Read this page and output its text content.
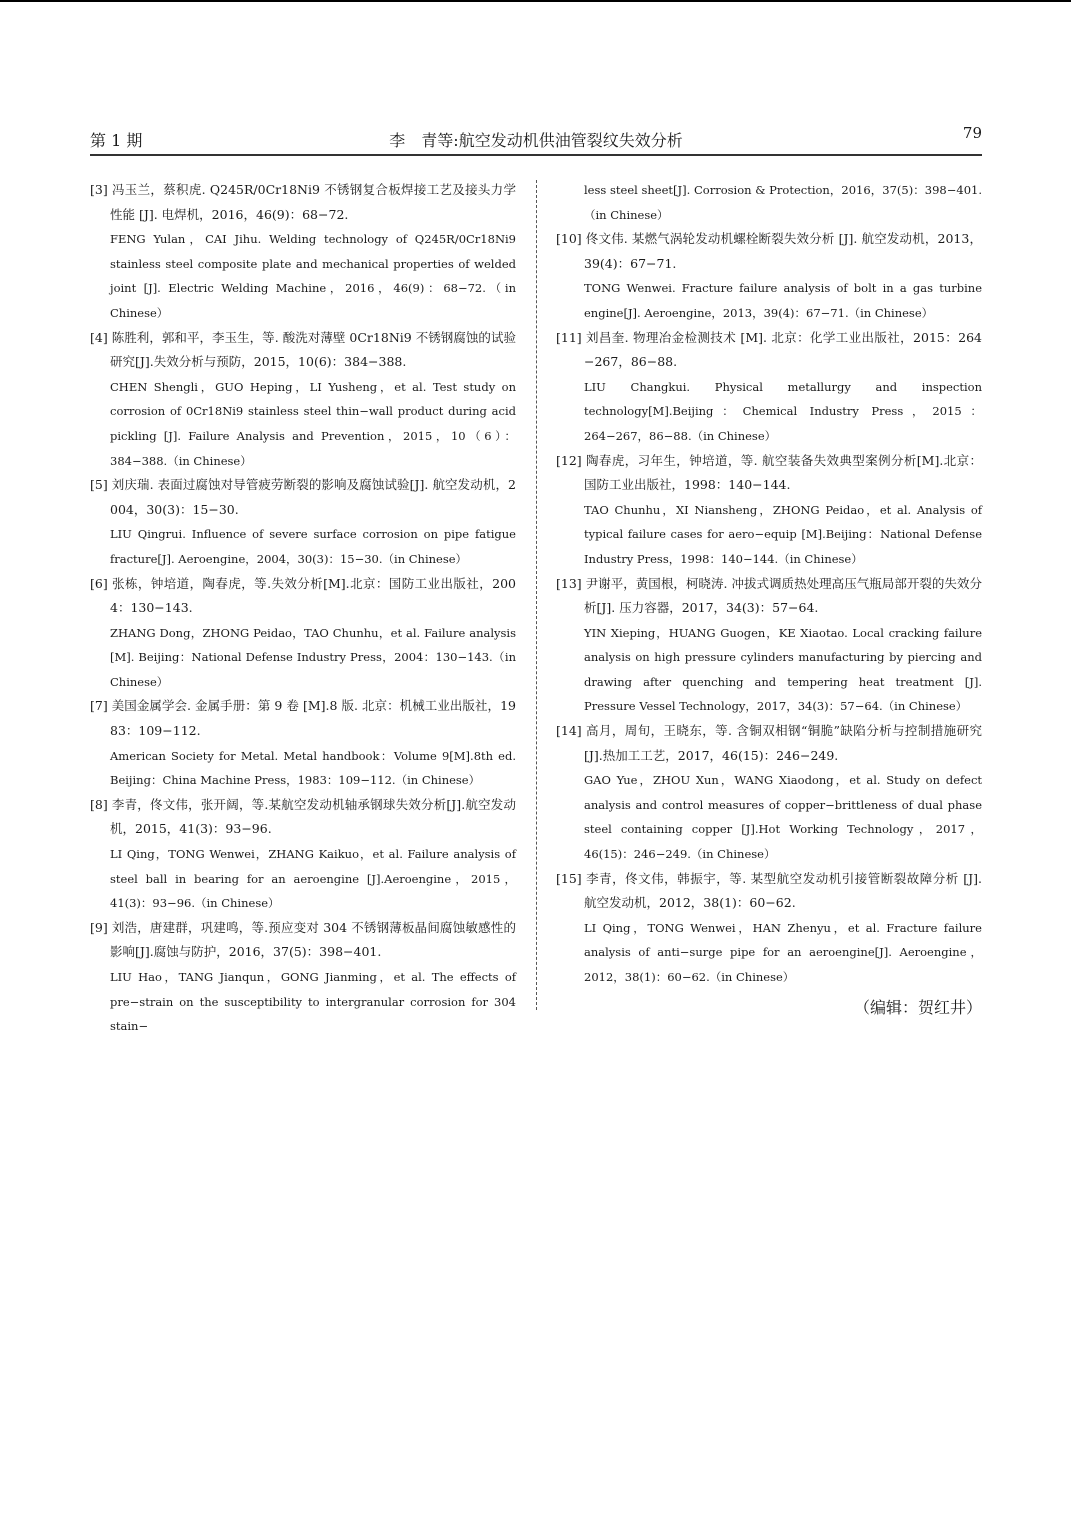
第 1 期	李　青等:航空发动机供油管裂纹失效分析	79
[3] 冯玉兰，蔡积虎. Q245R/0Cr18Ni9 不锈钢复合板焊接工艺及接头力学性能 [J]. 电焊机，2016，46(9)：68−72.
FENG Yulan，CAI Jihu. Welding technology of Q245R/0Cr18Ni9 stainless steel composite plate and mechanical properties of welded joint [J]. Electric Welding Machine，2016，46(9)：68−72.（in Chinese）
[4] 陈胜利，郭和平，李玉生，等. 酸洗对薄壁 0Cr18Ni9 不锈钢腐蚀的试验研究[J].失效分析与预防，2015，10(6)：384−388.
CHEN Shengli，GUO Heping，LI Yusheng，et al. Test study on corrosion of 0Cr18Ni9 stainless steel thin−wall product during acid pickling [J]. Failure Analysis and Prevention，2015，10（6）：384−388.（in Chinese）
[5] 刘庆瑞. 表面过腐蚀对导管疲劳断裂的影响及腐蚀试验[J]. 航空发动机，2004，30(3)：15−30.
LIU Qingrui. Influence of severe surface corrosion on pipe fatigue fracture[J]. Aeroengine，2004，30(3)：15−30.（in Chinese）
[6] 张栋，钟培道，陶春虎，等.失效分析[M].北京：国防工业出版社，2004：130−143.
ZHANG Dong，ZHONG Peidao，TAO Chunhu，et al. Failure analysis [M]. Beijing：National Defense Industry Press，2004：130−143.（in Chinese）
[7] 美国金属学会. 金属手册：第 9 卷 [M].8 版. 北京：机械工业出版社，1983：109−112.
American Society for Metal. Metal handbook：Volume 9[M].8th ed. Beijing：China Machine Press，1983：109−112.（in Chinese）
[8] 李青，佟文伟，张开阔，等.某航空发动机轴承钢球失效分析[J].航空发动机，2015，41(3)：93−96.
LI Qing，TONG Wenwei，ZHANG Kaikuo，et al. Failure analysis of steel ball in bearing for an aeroengine [J].Aeroengine，2015，41(3)：93−96.（in Chinese）
[9] 刘浩，唐建群，巩建鸣，等.预应变对 304 不锈钢薄板晶间腐蚀敏感性的影响[J].腐蚀与防护，2016，37(5)：398−401.
LIU Hao，TANG Jianqun，GONG Jianming，et al. The effects of pre−strain on the susceptibility to intergranular corrosion for 304 stain−
less steel sheet[J]. Corrosion & Protection，2016，37(5)：398−401.（in Chinese）
[10] 佟文伟. 某燃气涡轮发动机螺栓断裂失效分析 [J]. 航空发动机，2013，39(4)：67−71.
TONG Wenwei. Fracture failure analysis of bolt in a gas turbine engine[J]. Aeroengine，2013，39(4)：67−71.（in Chinese）
[11] 刘昌奎. 物理冶金检测技术 [M]. 北京：化学工业出版社，2015：264−267，86−88.
LIU Changkui. Physical metallurgy and inspection technology[M].Beijing：Chemical Industry Press，2015：264−267，86−88.（in Chinese）
[12] 陶春虎，习年生，钟培道，等. 航空装备失效典型案例分析[M].北京：国防工业出版社，1998：140−144.
TAO Chunhu，XI Niansheng，ZHONG Peidao，et al. Analysis of typical failure cases for aero−equip [M].Beijing：National Defense Industry Press，1998：140−144.（in Chinese）
[13] 尹谢平，黄国根，柯晓涛. 冲拔式调质热处理高压气瓶局部开裂的失效分析[J]. 压力容器，2017，34(3)：57−64.
YIN Xieping，HUANG Guogen，KE Xiaotao. Local cracking failure analysis on high pressure cylinders manufacturing by piercing and drawing after quenching and tempering heat treatment [J]. Pressure Vessel Technology，2017，34(3)：57−64.（in Chinese）
[14] 高月，周旬，王晓东，等. 含铜双相钢“铜脆”缺陷分析与控制措施研究[J].热加工工艺，2017，46(15)：246−249.
GAO Yue，ZHOU Xun，WANG Xiaodong，et al. Study on defect analysis and control measures of copper−brittleness of dual phase steel containing copper [J].Hot Working Technology，2017，46(15)：246−249.（in Chinese）
[15] 李青，佟文伟，韩振宇，等. 某型航空发动机引接管断裂故障分析 [J]. 航空发动机，2012，38(1)：60−62.
LI Qing，TONG Wenwei，HAN Zhenyu，et al. Fracture failure analysis of anti−surge pipe for an aeroengine[J]. Aeroengine，2012，38(1)：60−62.（in Chinese）
（编辑：贺红井）
